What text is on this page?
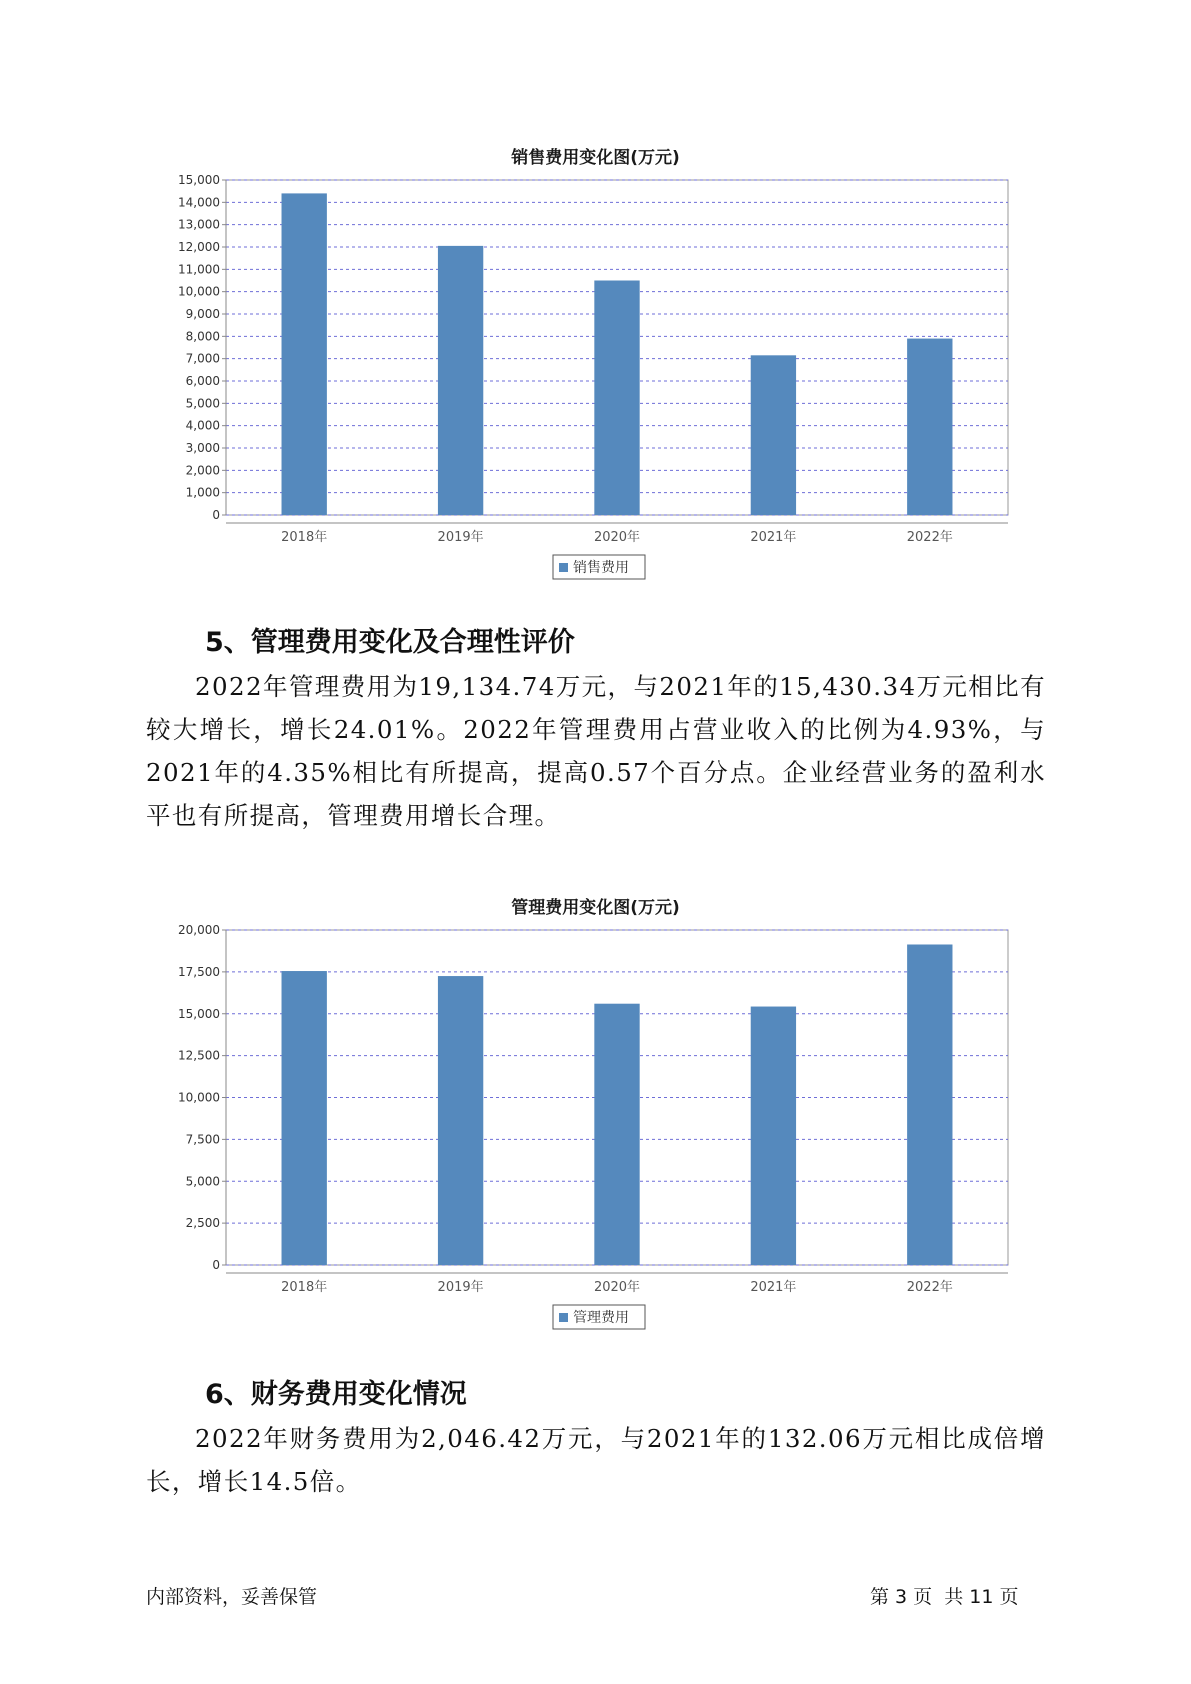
销售费用变化图(万元)
0
1,000
2,000
3,000
4,000
5,000
6,000
7,000
8,000
9,000
10,000
11,000
12,000
13,000
14,000
15,000
2018年	2019年	2020年	2021年	2022年
销售费用
5、管理费用变化及合理性评价
2022年管理费用为19,134.74万元，与2021年的15,430.34万元相比有较大增长，增长24.01%。2022年管理费用占营业收入的比例为4.93%，与2021年的4.35%相比有所提高，提高0.57个百分点。企业经营业务的盈利水平也有所提高，管理费用增长合理。
管理费用变化图(万元)
0
2,500
5,000
7,500
10,000
12,500
15,000
17,500
20,000
2018年	2019年	2020年	2021年	2022年
管理费用
6、财务费用变化情况
2022年财务费用为2,046.42万元，与2021年的132.06万元相比成倍增长，增长14.5倍。
内部资料，妥善保管	第 3 页  共 11 页
